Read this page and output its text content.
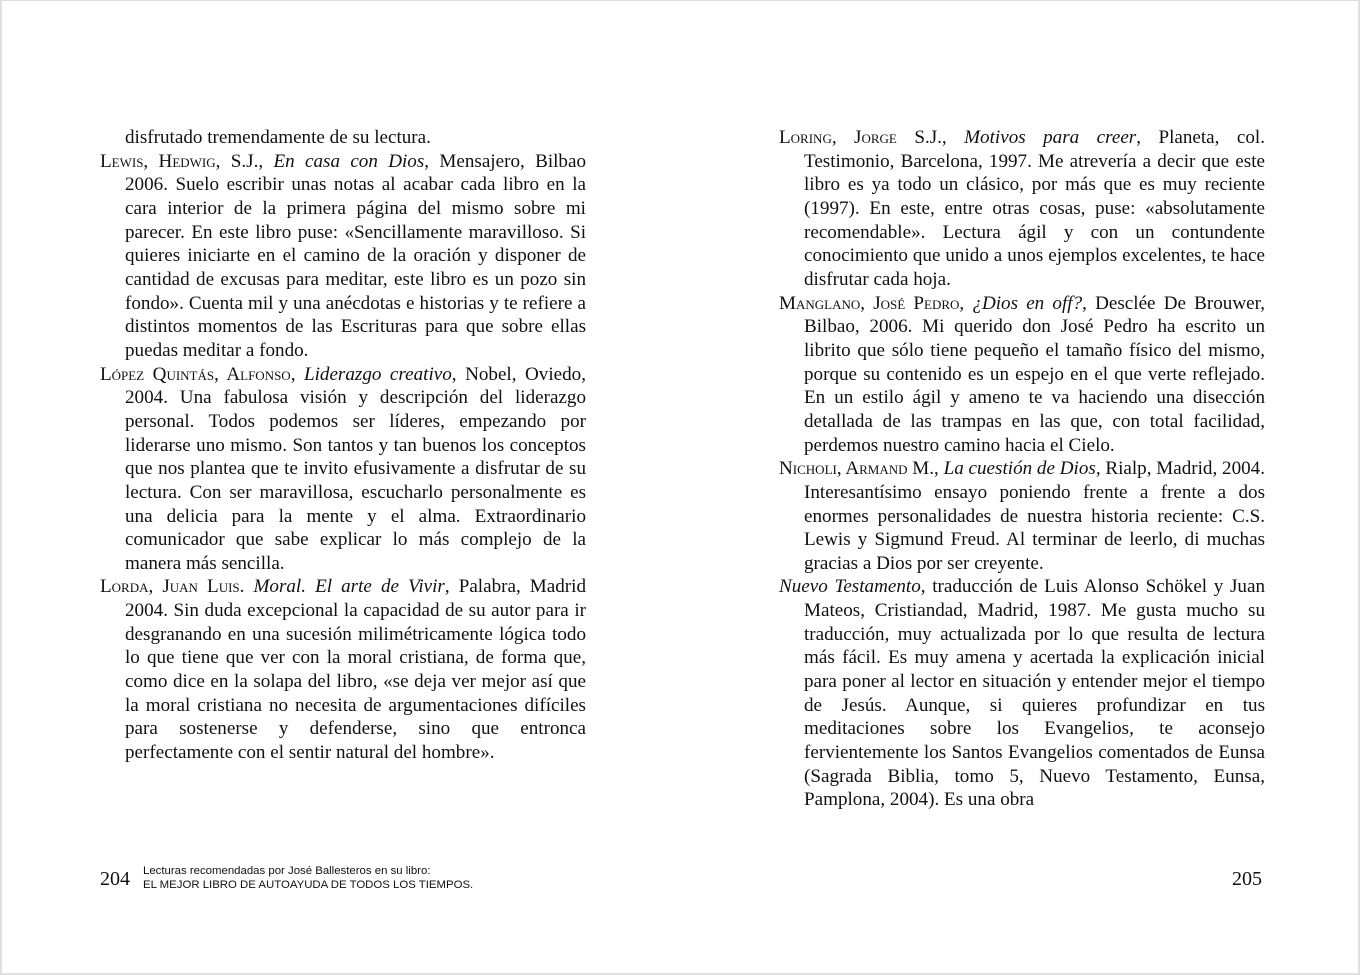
disfrutado tremendamente de su lectura.

Lewis, Hedwig, S.J., En casa con Dios, Mensajero, Bilbao 2006. Suelo escribir unas notas al acabar cada libro en la cara interior de la primera página del mismo sobre mi parecer. En este libro puse: «Sencillamente maravilloso. Si quieres iniciarte en el camino de la oración y disponer de cantidad de excusas para meditar, este libro es un pozo sin fondo». Cuenta mil y una anécdotas e historias y te refiere a distintos momentos de las Escrituras para que sobre ellas puedas meditar a fondo.

López Quintás, Alfonso, Liderazgo creativo, Nobel, Oviedo, 2004. Una fabulosa visión y descripción del liderazgo personal. Todos podemos ser líderes, empezando por liderarse uno mismo. Son tantos y tan buenos los conceptos que nos plantea que te invito efusivamente a disfrutar de su lectura. Con ser maravillosa, escucharlo personalmente es una delicia para la mente y el alma. Extraordinario comunicador que sabe explicar lo más complejo de la manera más sencilla.

Lorda, Juan Luis. Moral. El arte de Vivir, Palabra, Madrid 2004. Sin duda excepcional la capacidad de su autor para ir desgranando en una sucesión milimétricamente lógica todo lo que tiene que ver con la moral cristiana, de forma que, como dice en la solapa del libro, «se deja ver mejor así que la moral cristiana no necesita de argumentaciones difíciles para sostenerse y defenderse, sino que entronca perfectamente con el sentir natural del hombre».

204 Lecturas recomendadas por José Ballesteros en su libro:
EL MEJOR LIBRO DE AUTOAYUDA DE TODOS LOS TIEMPOS.

Loring, Jorge S.J., Motivos para creer, Planeta, col. Testimonio, Barcelona, 1997. Me atrevería a decir que este libro es ya todo un clásico, por más que es muy reciente (1997). En este, entre otras cosas, puse: «absolutamente recomendable». Lectura ágil y con un contundente conocimiento que unido a unos ejemplos excelentes, te hace disfrutar cada hoja.

Manglano, José Pedro, ¿Dios en off?, Desclée De Brouwer, Bilbao, 2006. Mi querido don José Pedro ha escrito un librito que sólo tiene pequeño el tamaño físico del mismo, porque su contenido es un espejo en el que verte reflejado. En un estilo ágil y ameno te va haciendo una disección detallada de las trampas en las que, con total facilidad, perdemos nuestro camino hacia el Cielo.

Nicholi, Armand M., La cuestión de Dios, Rialp, Madrid, 2004. Interesantísimo ensayo poniendo frente a frente a dos enormes personalidades de nuestra historia reciente: C.S. Lewis y Sigmund Freud. Al terminar de leerlo, di muchas gracias a Dios por ser creyente.

Nuevo Testamento, traducción de Luis Alonso Schökel y Juan Mateos, Cristiandad, Madrid, 1987. Me gusta mucho su traducción, muy actualizada por lo que resulta de lectura más fácil. Es muy amena y acertada la explicación inicial para poner al lector en situación y entender mejor el tiempo de Jesús. Aunque, si quieres profundizar en tus meditaciones sobre los Evangelios, te aconsejo fervientemente los Santos Evangelios comentados de Eunsa (Sagrada Biblia, tomo 5, Nuevo Testamento, Eunsa, Pamplona, 2004). Es una obra

205
